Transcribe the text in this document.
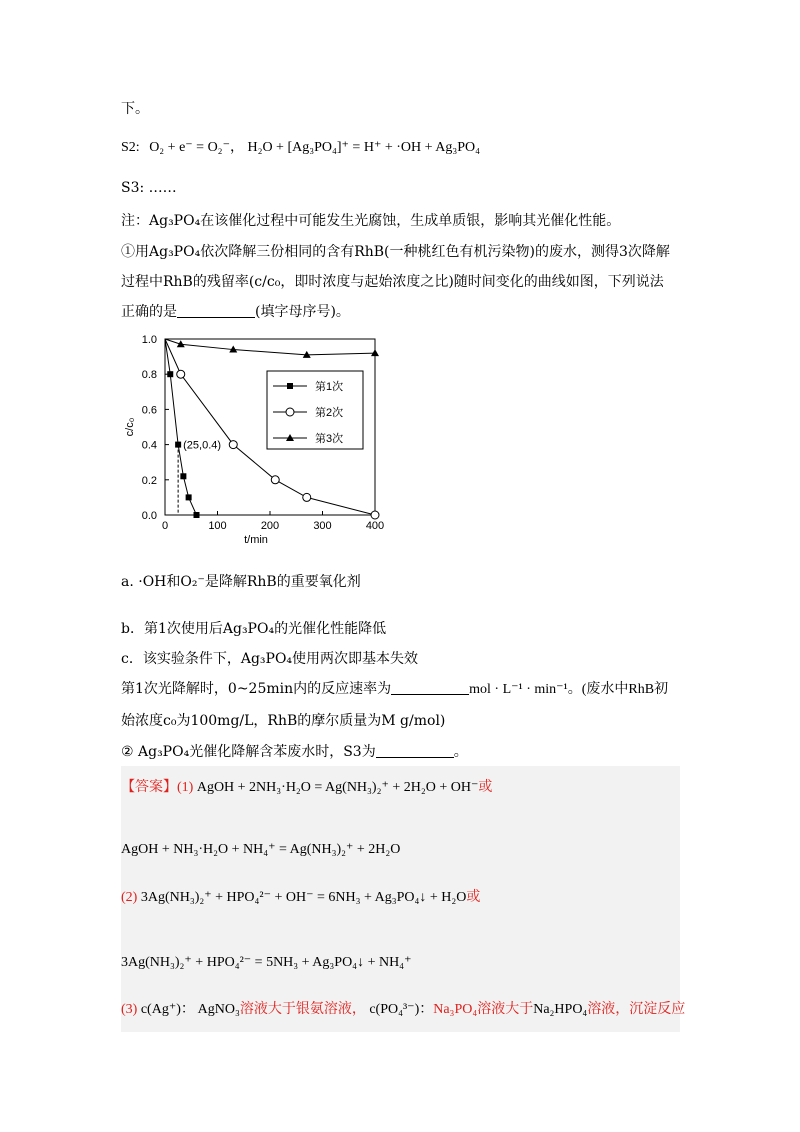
下。
S2: O₂ + e⁻ = O₂⁻， H₂O + [Ag₃PO₄]⁺ = H⁺ + ·OH + Ag₃PO₄
S3: ……
注：Ag₃PO₄在该催化过程中可能发生光腐蚀，生成单质银，影响其光催化性能。
①用Ag₃PO₄依次降解三份相同的含有RhB(一种桃红色有机污染物)的废水，测得3次降解
过程中RhB的残留率(c/c₀，即时浓度与起始浓度之比)随时间变化的曲线如图，下列说法
正确的是	(填字母序号)。
0	100	200	300	400
0.0
0.2
0.4
0.6
0.8
1.0
t/min
c/c₀
(25,0.4)
第1次
第2次
第3次
a. ·OH和O₂⁻是降解RhB的重要氧化剂
b．第1次使用后Ag₃PO₄的光催化性能降低
c．该实验条件下，Ag₃PO₄使用两次即基本失效
第1次光降解时，0~25min内的反应速率为	mol · L⁻¹ · min⁻¹。(废水中RhB初
始浓度c₀为100mg/L，RhB的摩尔质量为M g/mol)
② Ag₃PO₄光催化降解含苯废水时，S3为	。
【答案】(1) AgOH + 2NH₃·H₂O = Ag(NH₃)₂⁺ + 2H₂O + OH⁻或
AgOH + NH₃·H₂O + NH₄⁺ = Ag(NH₃)₂⁺ + 2H₂O
(2) 3Ag(NH₃)₂⁺ + HPO₄²⁻ + OH⁻ = 6NH₃ + Ag₃PO₄↓ + H₂O或
3Ag(NH₃)₂⁺ + HPO₄²⁻ = 5NH₃ + Ag₃PO₄↓ + NH₄⁺
(3) c(Ag⁺)： AgNO₃溶液大于银氨溶液， c(PO₄³⁻)：Na₃PO₄溶液大于Na₂HPO₄溶液，沉淀反应
